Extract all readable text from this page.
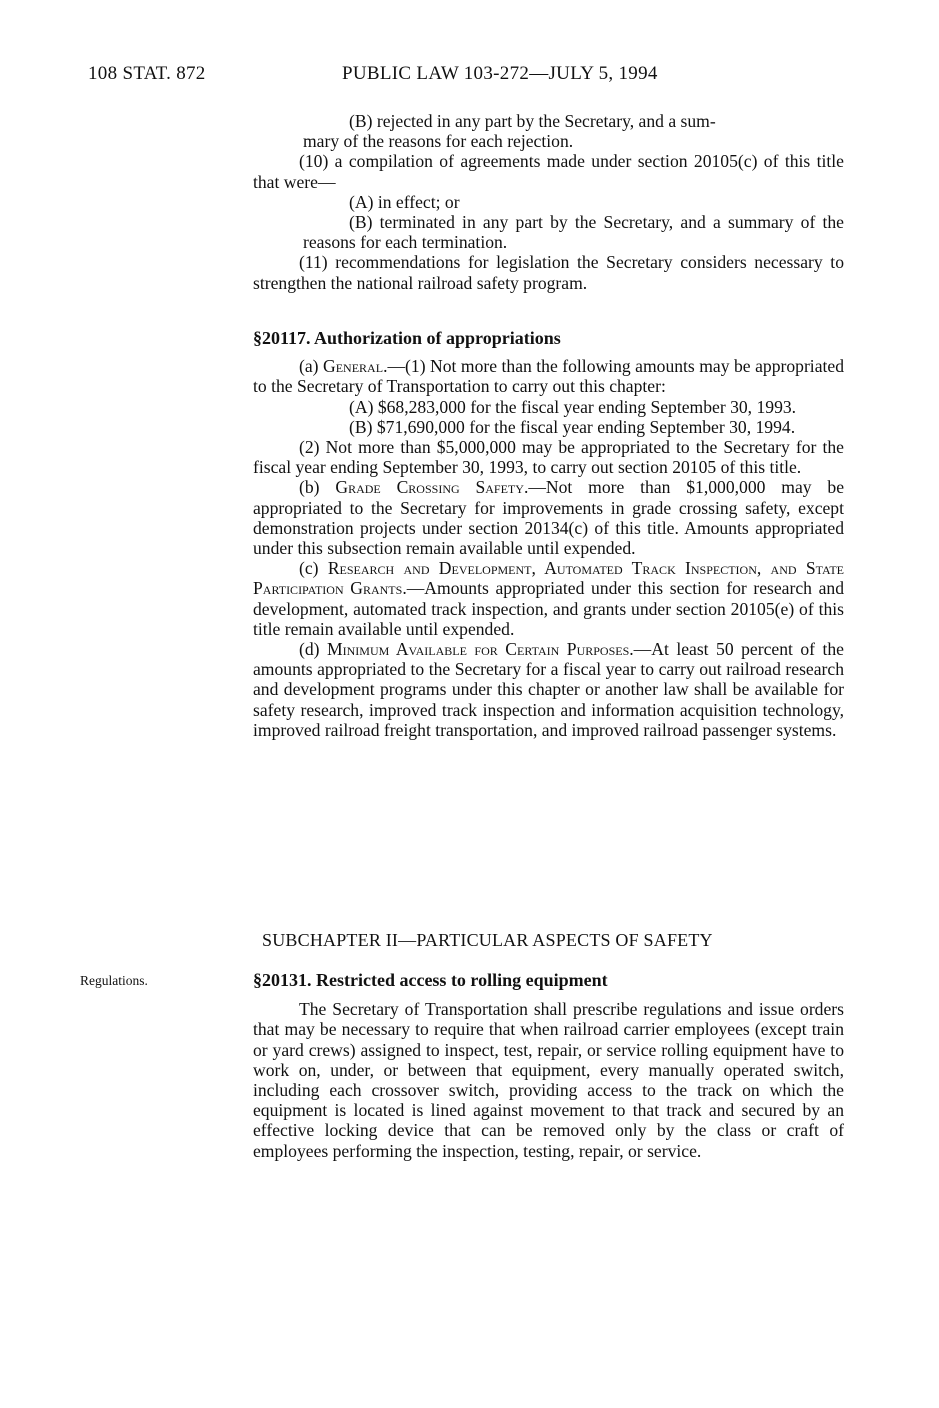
108 STAT. 872	PUBLIC LAW 103-272—JULY 5, 1994

(B) rejected in any part by the Secretary, and a sum-

mary of the reasons for each rejection.

(10) a compilation of agreements made under section 20105(c) of this title that were—

(A) in effect; or

(B) terminated in any part by the Secretary, and a summary of the reasons for each termination.

(11) recommendations for legislation the Secretary considers necessary to strengthen the national railroad safety program.

§20117. Authorization of appropriations

(a) General.—(1) Not more than the following amounts may be appropriated to the Secretary of Transportation to carry out this chapter:

(A) $68,283,000 for the fiscal year ending September 30, 1993.

(B) $71,690,000 for the fiscal year ending September 30, 1994.

(2) Not more than $5,000,000 may be appropriated to the Secretary for the fiscal year ending September 30, 1993, to carry out section 20105 of this title.

(b) Grade Crossing Safety.—Not more than $1,000,000 may be appropriated to the Secretary for improvements in grade crossing safety, except demonstration projects under section 20134(c) of this title. Amounts appropriated under this subsection remain available until expended.

(c) Research and Development, Automated Track Inspection, and State Participation Grants.—Amounts appropriated under this section for research and development, automated track inspection, and grants under section 20105(e) of this title remain available until expended.

(d) Minimum Available for Certain Purposes.—At least 50 percent of the amounts appropriated to the Secretary for a fiscal year to carry out railroad research and development programs under this chapter or another law shall be available for safety research, improved track inspection and information acquisition technology, improved railroad freight transportation, and improved railroad passenger systems.

SUBCHAPTER II—PARTICULAR ASPECTS OF SAFETY
Regulations.	§20131. Restricted access to rolling equipment

The Secretary of Transportation shall prescribe regulations and issue orders that may be necessary to require that when railroad carrier employees (except train or yard crews) assigned to inspect, test, repair, or service rolling equipment have to work on, under, or between that equipment, every manually operated switch, including each crossover switch, providing access to the track on which the equipment is located is lined against movement to that track and secured by an effective locking device that can be removed only by the class or craft of employees performing the inspection, testing, repair, or service.
